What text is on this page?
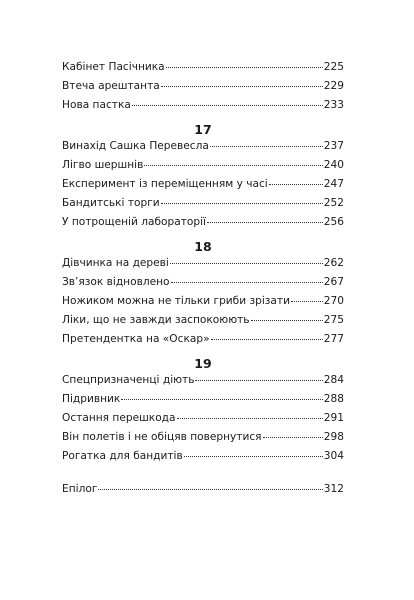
Кабінет Пасічника	225
Втеча арештанта	229
Нова пастка	233
17
Винахід Сашка Перевесла	237
Лігво шершнів	240
Експеримент із переміщенням у часі	247
Бандитські торги	252
У потрощеній лабораторії	256
18
Дівчинка на дереві	262
Зв’язок відновлено	267
Ножиком можна не тільки гриби зрізати	270
Ліки, що не завжди заспокоюють	275
Претендентка на «Оскар»	277
19
Спецпризначенці діють	284
Підривник	288
Остання перешкода	291
Він полетів і не обіцяв повернутися	298
Рогатка для бандитів	304
Епілог	312
